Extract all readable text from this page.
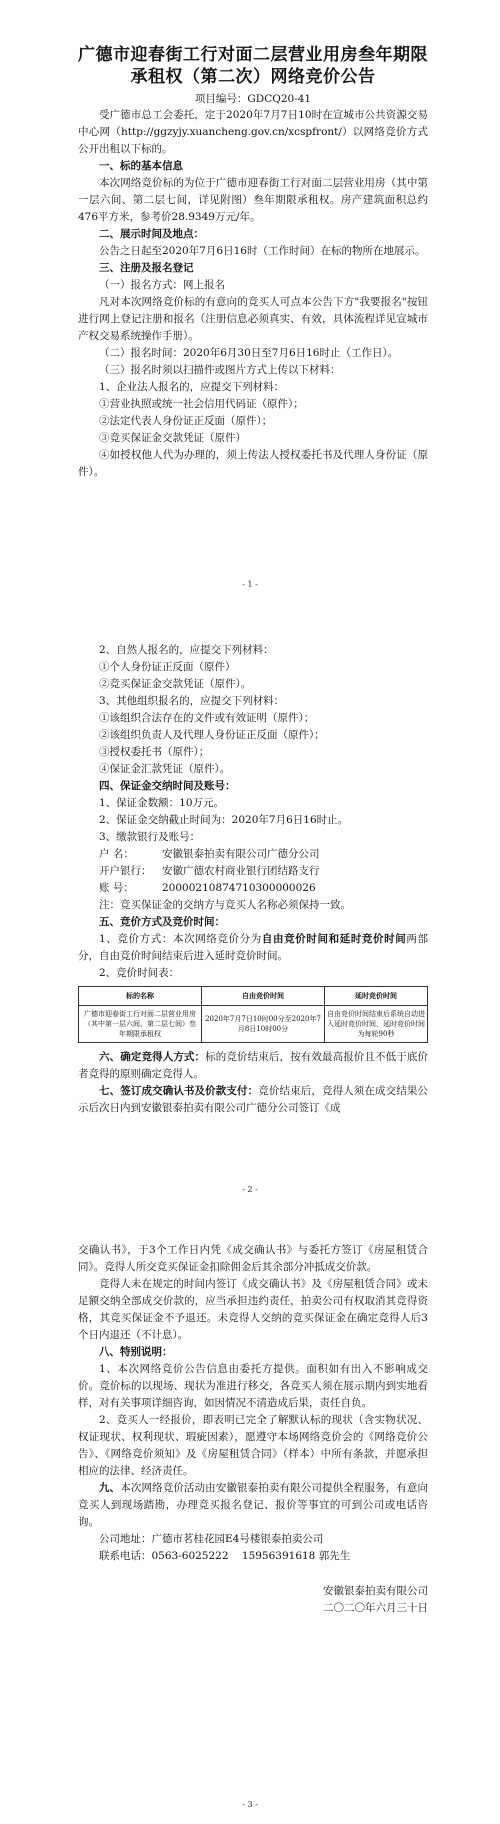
广德市迎春街工行对面二层营业用房叁年期限
承租权（第二次）网络竞价公告
项目编号：GDCQ20-41
受广德市总工会委托，定于2020年7月7日10时在宣城市公共资源交易中心网（http://ggzyjy.xuancheng.gov.cn/xcspfront/）以网络竞价方式公开出租以下标的。
一、标的基本信息
本次网络竞价标的为位于广德市迎春街工行对面二层营业用房（其中第一层六间、第二层七间，详见附图）叁年期限承租权。房产建筑面积总约476平方米，参考价28.9349万元/年。
二、展示时间及地点：
公告之日起至2020年7月6日16时（工作时间）在标的物所在地展示。
三、注册及报名登记
（一）报名方式：网上报名
凡对本次网络竞价标的有意向的竞买人可点本公告下方"我要报名"按钮进行网上登记注册和报名（注册信息必须真实、有效，具体流程详见宣城市产权交易系统操作手册）。
（二）报名时间：2020年6月30日至7月6日16时止（工作日）。
（三）报名时须以扫描件或图片方式上传以下材料：
1、企业法人报名的，应提交下列材料：
①营业执照或统一社会信用代码证（原件）；
②法定代表人身份证正反面（原件）；
③竞买保证金交款凭证（原件）
④如授权他人代为办理的，须上传法人授权委托书及代理人身份证（原件）。
- 1 -
2、自然人报名的，应提交下列材料：
①个人身份证正反面（原件）
②竞买保证金交款凭证（原件）。
3、其他组织报名的，应提交下列材料：
①该组织合法存在的文件或有效证明（原件）；
②该组织负责人及代理人身份证正反面（原件）；
③授权委托书（原件）；
④保证金汇款凭证（原件）。
四、保证金交纳时间及账号：
1、保证金数额：10万元。
2、保证金交纳截止时间为：2020年7月6日16时止。
3、缴款银行及账号：
户 名：	安徽银泰拍卖有限公司广德分公司
开户银行：	安徽广德农村商业银行团结路支行
账 号：	20000210874710300000026
注：竞买保证金的交纳方与竞买人名称必须保持一致。
五、竞价方式及竞价时间：
1、竞价方式：本次网络竞价分为自由竞价时间和延时竞价时间两部分，自由竞价时间结束后进入延时竞价时间。
2、竞价时间表：
标的名称	自由竞价时间	延时竞价时间
广德市迎春街工行对面二层营业用房（其中第一层六间、第二层七间）叁年期限承租权	2020年7月7日10时00分至2020年7月8日10时00分	自由竞价时间结束后系统自动进入延时竞价时间，延时竞价时间为每轮90秒
六、确定竞得人方式：标的竞价结束后，按有效最高报价且不低于底价者竞得的原则确定竞得人。
七、签订成交确认书及价款支付：竞价结束后，竞得人须在成交结果公示后次日内到安徽银泰拍卖有限公司广德分公司签订《成
- 2 -
交确认书》，于3个工作日内凭《成交确认书》与委托方签订《房屋租赁合同》。竞得人所交竞买保证金扣除佣金后其余部分冲抵成交价款。
竞得人未在规定的时间内签订《成交确认书》及《房屋租赁合同》或未足额交纳全部成交价款的，应当承担违约责任，拍卖公司有权取消其竞得资格，其竞买保证金不予退还。未竞得人交纳的竞买保证金在确定竞得人后3个日内退还（不计息）。
八、特别说明：
1、本次网络竞价公告信息由委托方提供。面积如有出入不影响成交价。竞价标的以现场、现状为准进行移交，各竞买人须在展示期内到实地看样，对有关事项详细咨询，如因情况不清造成后果，责任自负。
2、竞买人一经报价，即表明已完全了解默认标的现状（含实物状况、权证现状、权利现状、瑕疵因素），愿遵守本场网络竞价会的《网络竞价公告》、《网络竞价须知》及《房屋租赁合同》（样本）中所有条款，并愿承担相应的法律、经济责任。
九、本次网络竞价活动由安徽银泰拍卖有限公司提供全程服务，有意向竞买人到现场踏勘，办理竞买报名登记、报价等事宜的可到公司或电话咨询。
公司地址：广德市茗桂花园E4号楼银泰拍卖公司
联系电话：0563-6025222    15956391618 郭先生
安徽银泰拍卖有限公司
二〇二〇年六月三十日
- 3 -
